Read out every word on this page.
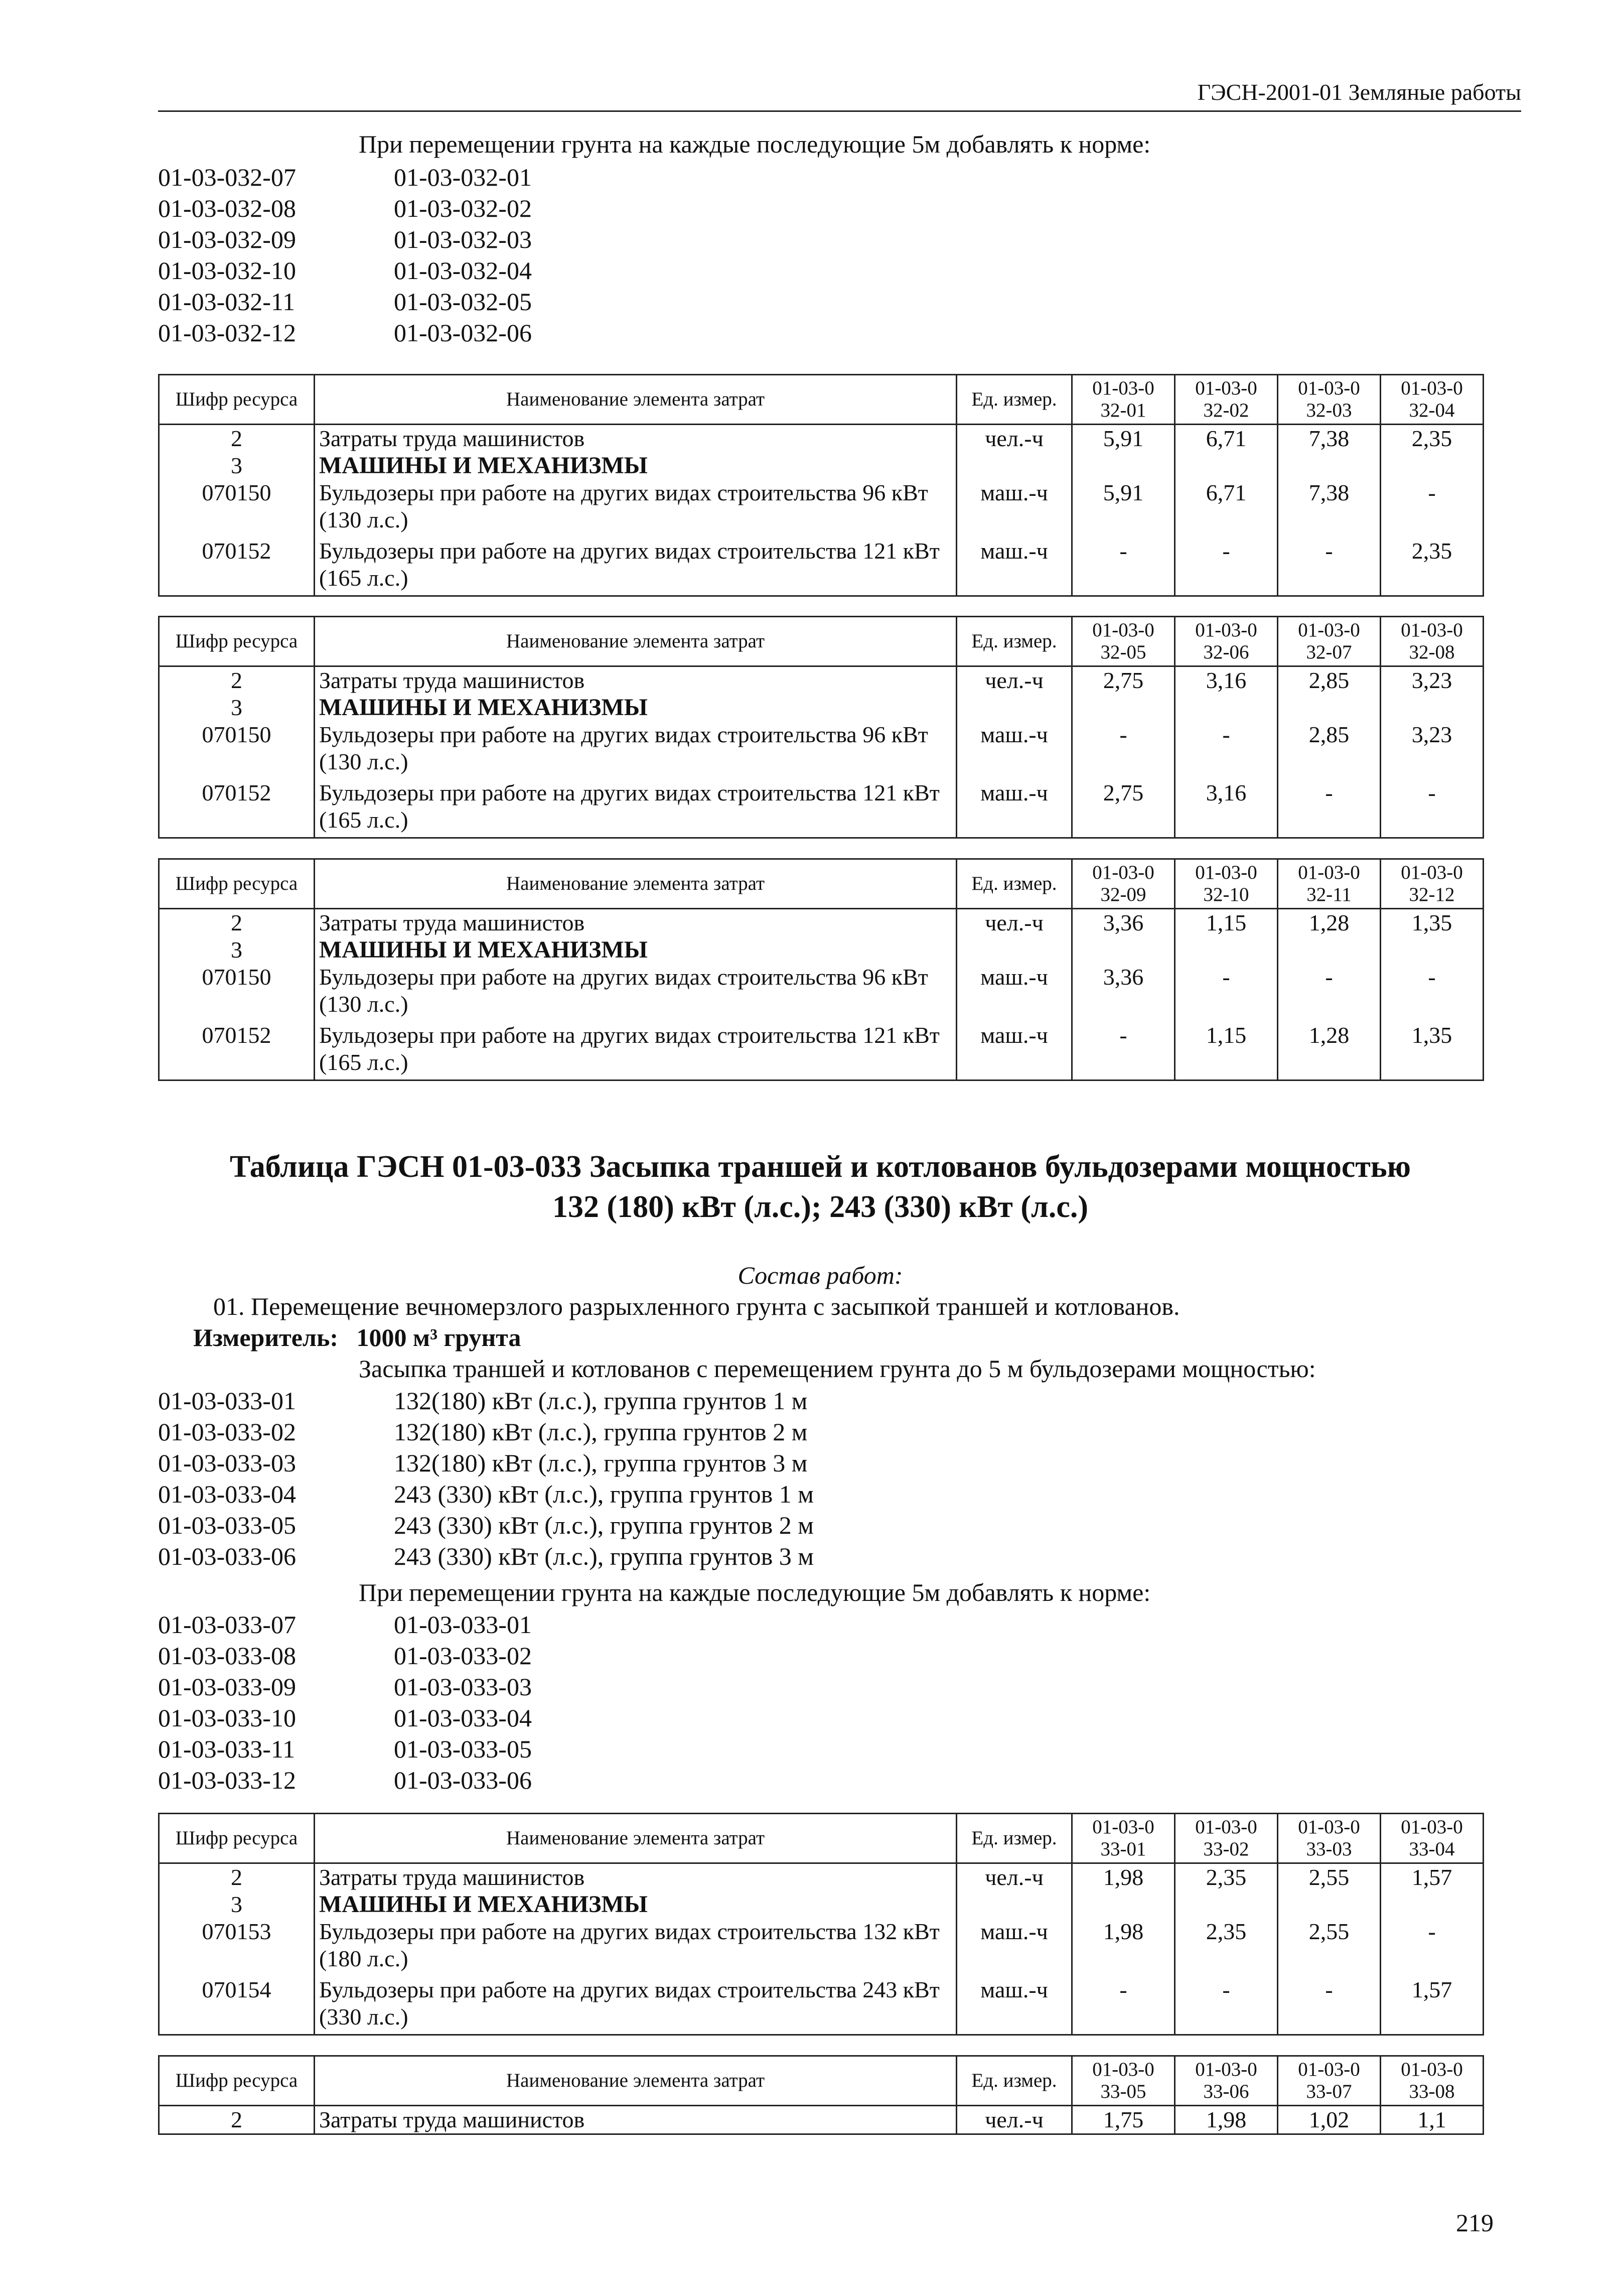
ГЭСН-2001-01 Земляные работы
При перемещении грунта на каждые последующие 5м добавлять к норме:
01-03-032-07	01-03-032-01
01-03-032-08	01-03-032-02
01-03-032-09	01-03-032-03
01-03-032-10	01-03-032-04
01-03-032-11	01-03-032-05
01-03-032-12	01-03-032-06
Шифр ресурса	Наименование элемента затрат	Ед. измер.	01-03-032-01	01-03-032-02	01-03-032-03	01-03-032-04
2	Затраты труда машинистов	чел.-ч	5,91	6,71	7,38	2,35
3	МАШИНЫ И МЕХАНИЗМЫ					
070150	Бульдозеры при работе на других видах строительства 96 кВт (130 л.с.)	маш.-ч	5,91	6,71	7,38	-
070152	Бульдозеры при работе на других видах строительства 121 кВт (165 л.с.)	маш.-ч	-	-	-	2,35
Шифр ресурса	Наименование элемента затрат	Ед. измер.	01-03-032-05	01-03-032-06	01-03-032-07	01-03-032-08
2	Затраты труда машинистов	чел.-ч	2,75	3,16	2,85	3,23
3	МАШИНЫ И МЕХАНИЗМЫ					
070150	Бульдозеры при работе на других видах строительства 96 кВт (130 л.с.)	маш.-ч	-	-	2,85	3,23
070152	Бульдозеры при работе на других видах строительства 121 кВт (165 л.с.)	маш.-ч	2,75	3,16	-	-
Шифр ресурса	Наименование элемента затрат	Ед. измер.	01-03-032-09	01-03-032-10	01-03-032-11	01-03-032-12
2	Затраты труда машинистов	чел.-ч	3,36	1,15	1,28	1,35
3	МАШИНЫ И МЕХАНИЗМЫ					
070150	Бульдозеры при работе на других видах строительства 96 кВт (130 л.с.)	маш.-ч	3,36	-	-	-
070152	Бульдозеры при работе на других видах строительства 121 кВт (165 л.с.)	маш.-ч	-	1,15	1,28	1,35
Таблица ГЭСН 01-03-033 Засыпка траншей и котлованов бульдозерами мощностью
132 (180) кВт (л.с.); 243 (330) кВт (л.с.)
Состав работ:
01. Перемещение вечномерзлого разрыхленного грунта с засыпкой траншей и котлованов.
Измеритель: 1000 м³ грунта
Засыпка траншей и котлованов с перемещением грунта до 5 м бульдозерами мощностью:
01-03-033-01	132(180) кВт (л.с.), группа грунтов 1 м
01-03-033-02	132(180) кВт (л.с.), группа грунтов 2 м
01-03-033-03	132(180) кВт (л.с.), группа грунтов 3 м
01-03-033-04	243 (330) кВт (л.с.), группа грунтов 1 м
01-03-033-05	243 (330) кВт (л.с.), группа грунтов 2 м
01-03-033-06	243 (330) кВт (л.с.), группа грунтов 3 м
При перемещении грунта на каждые последующие 5м добавлять к норме:
01-03-033-07	01-03-033-01
01-03-033-08	01-03-033-02
01-03-033-09	01-03-033-03
01-03-033-10	01-03-033-04
01-03-033-11	01-03-033-05
01-03-033-12	01-03-033-06
Шифр ресурса	Наименование элемента затрат	Ед. измер.	01-03-033-01	01-03-033-02	01-03-033-03	01-03-033-04
2	Затраты труда машинистов	чел.-ч	1,98	2,35	2,55	1,57
3	МАШИНЫ И МЕХАНИЗМЫ					
070153	Бульдозеры при работе на других видах строительства 132 кВт (180 л.с.)	маш.-ч	1,98	2,35	2,55	-
070154	Бульдозеры при работе на других видах строительства 243 кВт (330 л.с.)	маш.-ч	-	-	-	1,57
Шифр ресурса	Наименование элемента затрат	Ед. измер.	01-03-033-05	01-03-033-06	01-03-033-07	01-03-033-08
2	Затраты труда машинистов	чел.-ч	1,75	1,98	1,02	1,1
219
